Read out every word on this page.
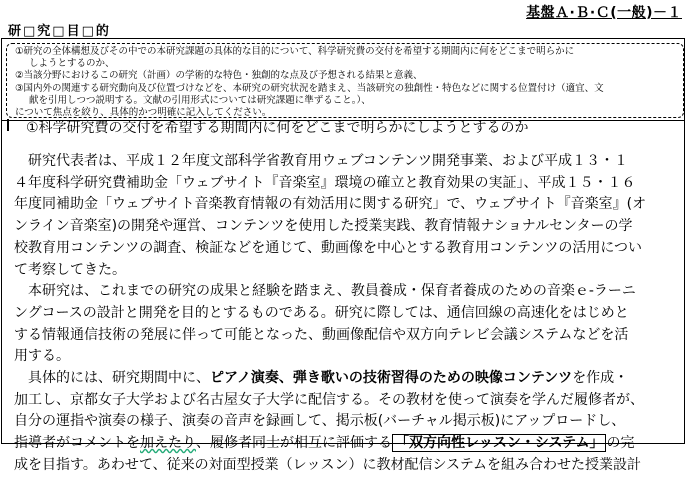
基盤Ａ·Ｂ·Ｃ(一般)－１
研□究□目□的

①研究の全体構想及びその中での本研究課題の具体的な目的について、科学研究費の交付を希望する期間内に何をどこまで明らかに

しようとするのか、

②当該分野におけるこの研究（計画）の学術的な特色・独創的な点及び予想される結果と意義、

③国内外の関連する研究動向及び位置づけなどを、本研究の研究状況を踏まえ、当該研究の独創性・特色などに関する位置付け（適宜、文

献を引用しつつ説明する。文献の引用形式については研究課題に準ずること。）、

について焦点を絞り、具体的かつ明確に記入してください。

①科学研究費の交付を希望する期間内に何をどこまで明らかにしようとするのか

研究代表者は、平成１２年度文部科学省教育用ウェブコンテンツ開発事業、および平成１３・１

４年度科学研究費補助金「ウェブサイト『音楽室』環境の確立と教育効果の実証」、平成１５・１６

年度同補助金「ウェブサイト音楽教育情報の有効活用に関する研究」で、ウェブサイト『音楽室』(オ

ンライン音楽室)の開発や運営、コンテンツを使用した授業実践、教育情報ナショナルセンターの学

校教育用コンテンツの調査、検証などを通じて、動画像を中心とする教育用コンテンツの活用につい

て考察してきた。

本研究は、これまでの研究の成果と経験を踏まえ、教員養成・保育者養成のための音楽ｅ-ラーニ

ングコースの設計と開発を目的とするものである。研究に際しては、通信回線の高速化をはじめと

する情報通信技術の発展に伴って可能となった、動画像配信や双方向テレビ会議システムなどを活

用する。

具体的には、研究期間中に、ピアノ演奏、弾き歌いの技術習得のための映像コンテンツを作成・

加工し、京都女子大学および名古屋女子大学に配信する。その教材を使って演奏を学んだ履修者が、

自分の運指や演奏の様子、演奏の音声を録画して、掲示板(バーチャル掲示板)にアップロードし、

指導者がコメントを加えたり、履修者同士が相互に評価する 「双方向性レッスン・システム」 の完

成を目指す。あわせて、従来の対面型授業（レッスン）に教材配信システムを組み合わせた授業設計
